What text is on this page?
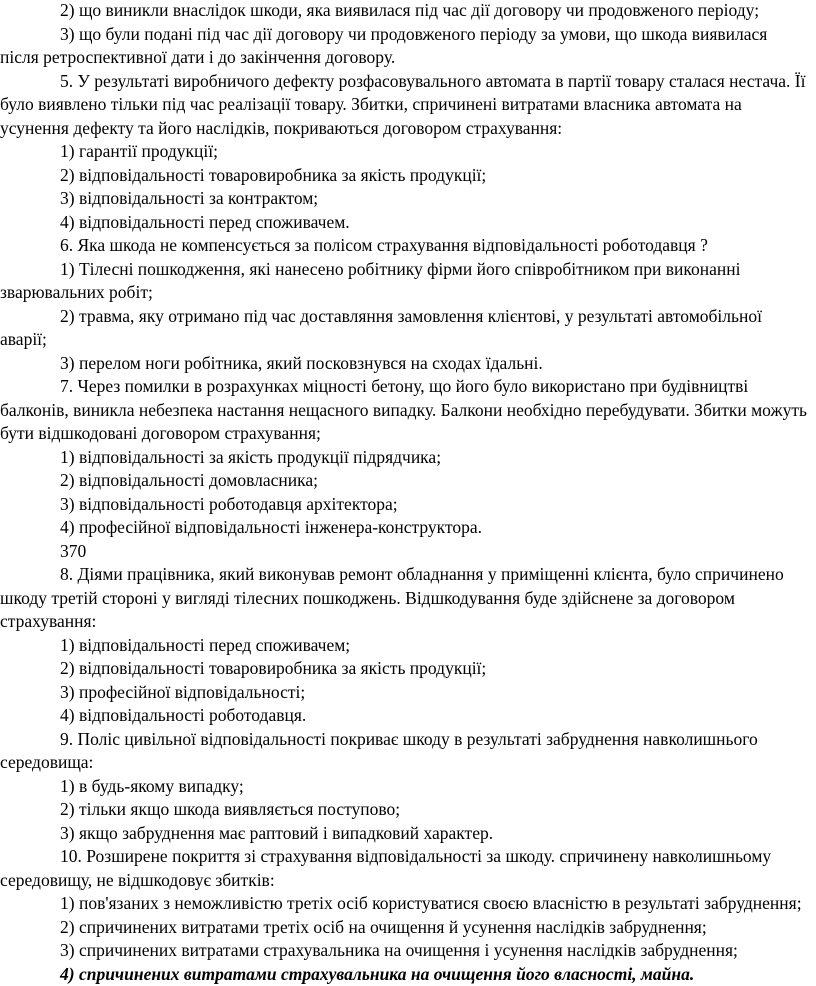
2) що виникли внаслідок шкоди, яка виявилася під час дії договору чи продовженого періоду;

3) що були подані під час дії договору чи продовженого періоду за умови, що шкода виявилася після ретроспективної дати і до закінчення договору.

5. У результаті виробничого дефекту розфасовувального автомата в партії товару сталася нестача. Її було виявлено тільки під час реалізації товару. Збитки, спричинені витратами власника автомата на усунення дефекту та його наслідків, покриваються договором страхування:

1) гарантії продукції;

2) відповідальності товаровиробника за якість продукції;

3) відповідальності за контрактом;

4) відповідальності перед споживачем.

6. Яка шкода не компенсується за полісом страхування відповідальності роботодавця ?

1) Тілесні пошкодження, які нанесено робітнику фірми його співробітником при виконанні зварювальних робіт;

2) травма, яку отримано під час доставляння замовлення клієнтові, у результаті автомобільної аварії;

3) перелом ноги робітника, який посковзнувся на сходах їдальні.

7. Через помилки в розрахунках міцності бетону, що його було використано при будівництві балконів, виникла небезпека настання нещасного випадку. Балкони необхідно перебудувати. Збитки можуть бути відшкодовані договором страхування;

1) відповідальності за якість продукції підрядчика;

2) відповідальності домовласника;

3) відповідальності роботодавця архітектора;

4) професійної відповідальності інженера-конструктора.

370

8. Діями працівника, який виконував ремонт обладнання у приміщенні клієнта, було спричинено шкоду третій стороні у вигляді тілесних пошкоджень. Відшкодування буде здійснене за договором страхування:

1) відповідальності перед споживачем;

2) відповідальності товаровиробника за якість продукції;

3) професійної відповідальності;

4) відповідальності роботодавця.

9. Поліс цивільної відповідальності покриває шкоду в результаті забруднення навколишнього середовища:

1) в будь-якому випадку;

2) тільки якщо шкода виявляється поступово;

3) якщо забруднення має раптовий і випадковий характер.

10. Розширене покриття зі страхування відповідальності за шкоду. спричинену навколишньому середовищу, не відшкодовує збитків:

1) пов'язаних з неможливістю третіх осіб користуватися своєю власністю в результаті забруднення;

2) спричинених витратами третіх осіб на очищення й усунення наслідків забруднення;

3) спричинених витратами страхувальника на очищення і усунення наслідків забруднення;

4) спричинених витратами страхувальника на очищення його власності, майна.
